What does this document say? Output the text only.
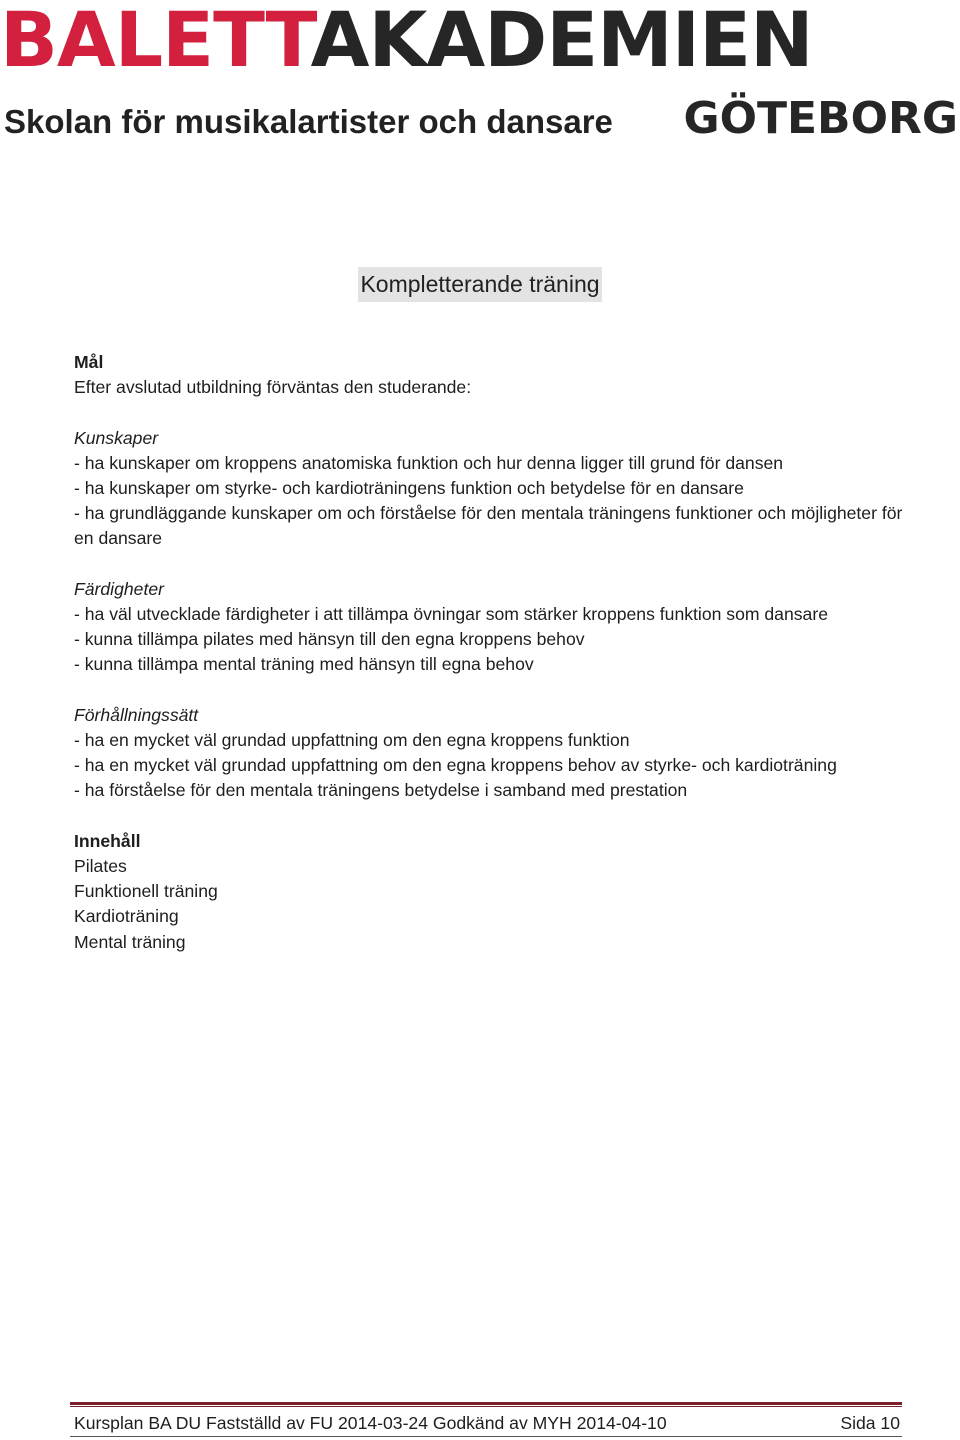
BALETTAKADEMIEN
Skolan för musikalartister och dansare GÖTEBORG
Kompletterande träning

Mål

Efter avslutad utbildning förväntas den studerande:

Kunskaper

- ha kunskaper om kroppens anatomiska funktion och hur denna ligger till grund för dansen
- ha kunskaper om styrke- och kardioträningens funktion och betydelse för en dansare
- ha grundläggande kunskaper om och förståelse för den mentala träningens funktioner och möjligheter för en dansare

Färdigheter

- ha väl utvecklade färdigheter i att tillämpa övningar som stärker kroppens funktion som dansare
- kunna tillämpa pilates med hänsyn till den egna kroppens behov
- kunna tillämpa mental träning med hänsyn till egna behov

Förhållningssätt

- ha en mycket väl grundad uppfattning om den egna kroppens funktion
- ha en mycket väl grundad uppfattning om den egna kroppens behov av styrke- och kardioträning
- ha förståelse för den mentala träningens betydelse i samband med prestation

Innehåll

Pilates
Funktionell träning
Kardioträning
Mental träning
Kursplan BA DU Fastställd av FU 2014-03-24 Godkänd av MYH 2014-04-10	Sida 10
